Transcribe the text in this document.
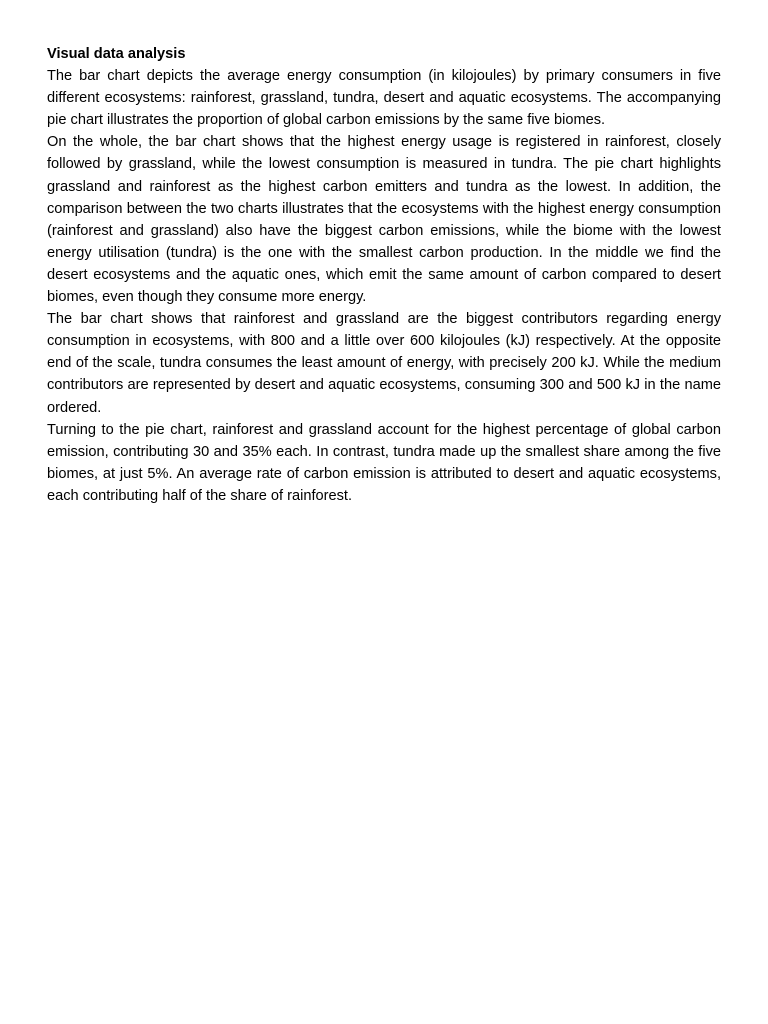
Visual data analysis

The bar chart depicts the average energy consumption (in kilojoules) by primary consumers in five different ecosystems: rainforest, grassland, tundra, desert and aquatic ecosystems. The accompanying pie chart illustrates the proportion of global carbon emissions by the same five biomes.

On the whole, the bar chart shows that the highest energy usage is registered in rainforest, closely followed by grassland, while the lowest consumption is measured in tundra. The pie chart highlights grassland and rainforest as the highest carbon emitters and tundra as the lowest. In addition, the comparison between the two charts illustrates that the ecosystems with the highest energy consumption (rainforest and grassland) also have the biggest carbon emissions, while the biome with the lowest energy utilisation (tundra) is the one with the smallest carbon production. In the middle we find the desert ecosystems and the aquatic ones, which emit the same amount of carbon compared to desert biomes, even though they consume more energy.

The bar chart shows that rainforest and grassland are the biggest contributors regarding energy consumption in ecosystems, with 800 and a little over 600 kilojoules (kJ) respectively. At the opposite end of the scale, tundra consumes the least amount of energy, with precisely 200 kJ. While the medium contributors are represented by desert and aquatic ecosystems, consuming 300 and 500 kJ in the name ordered.

Turning to the pie chart, rainforest and grassland account for the highest percentage of global carbon emission, contributing 30 and 35% each. In contrast, tundra made up the smallest share among the five biomes, at just 5%. An average rate of carbon emission is attributed to desert and aquatic ecosystems, each contributing half of the share of rainforest.
